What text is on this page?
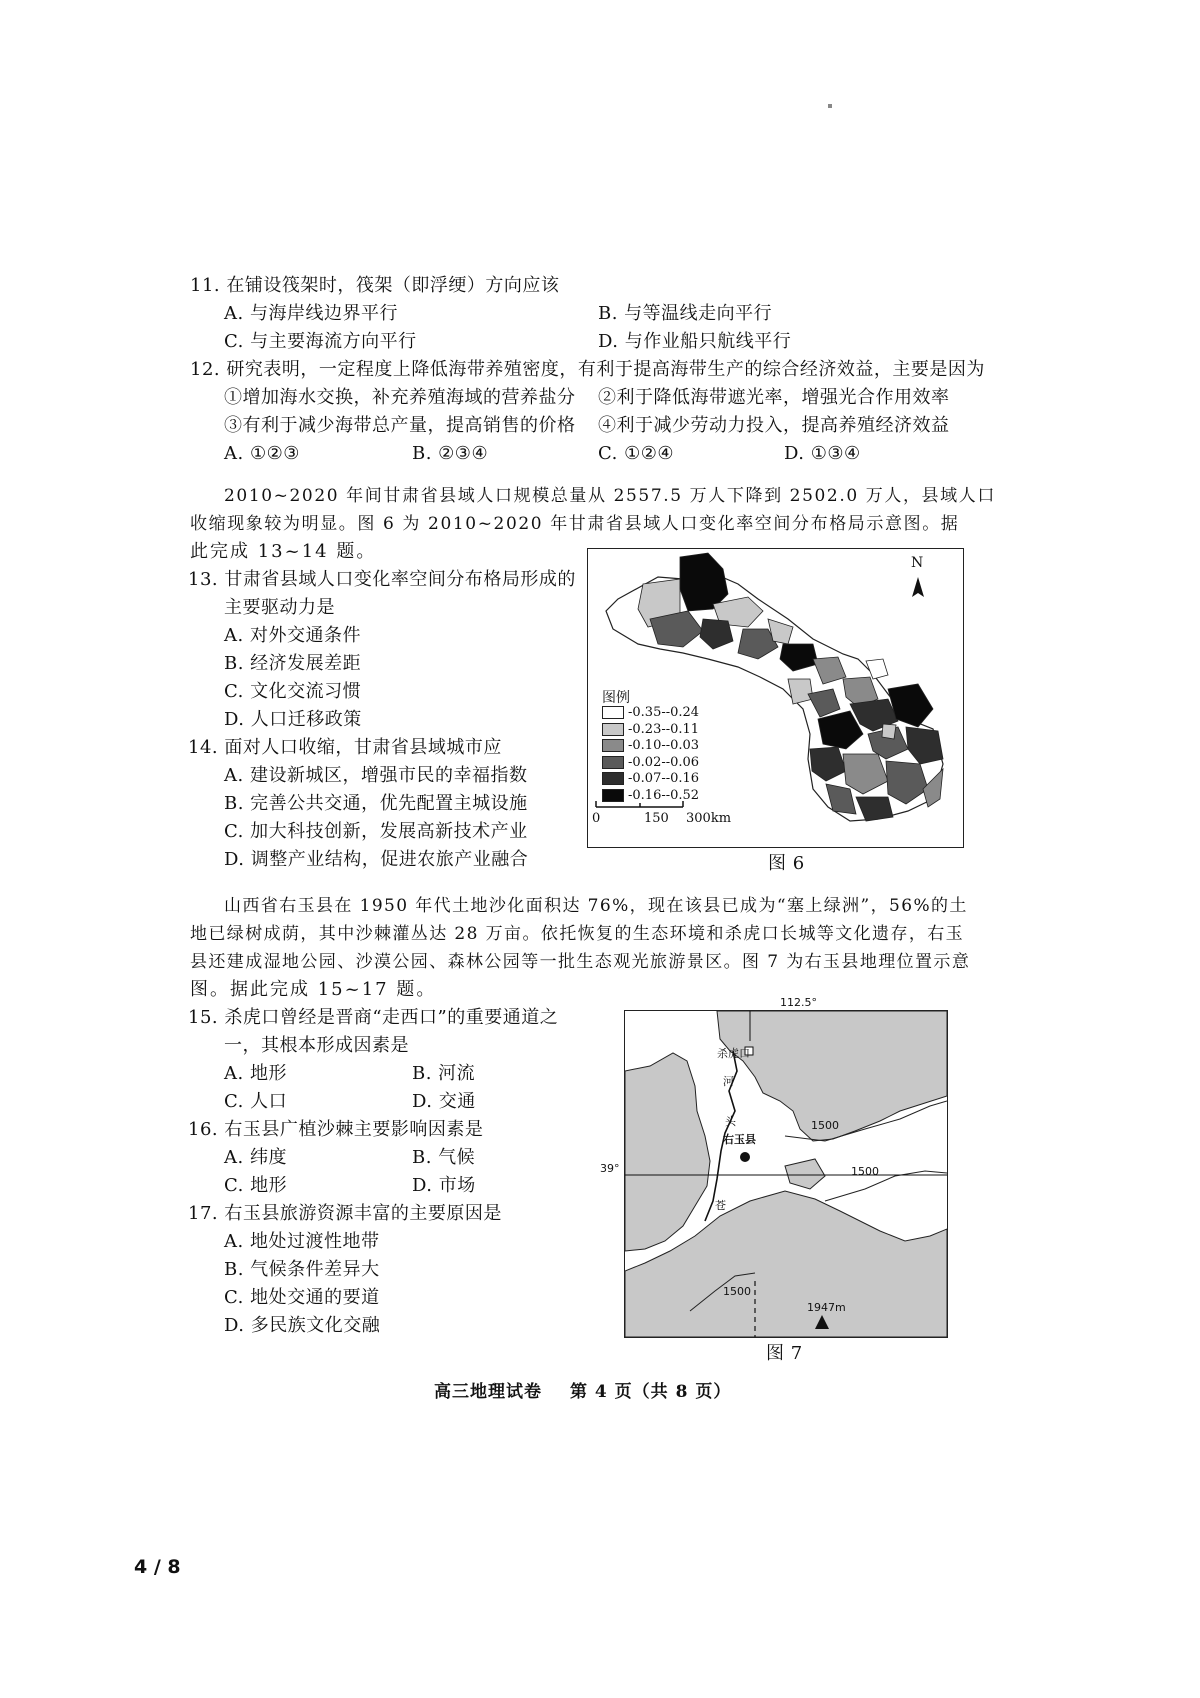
11. 在铺设筏架时，筏架（即浮绠）方向应该
A. 与海岸线边界平行	B. 与等温线走向平行
C. 与主要海流方向平行	D. 与作业船只航线平行
12. 研究表明，一定程度上降低海带养殖密度，有利于提高海带生产的综合经济效益，主要是因为
①增加海水交换，补充养殖海域的营养盐分 ②利于降低海带遮光率，增强光合作用效率
③有利于减少海带总产量，提高销售的价格 ④利于减少劳动力投入，提高养殖经济效益
A. ①②③	B. ②③④	C. ①②④	D. ①③④
2010~2020 年间甘肃省县域人口规模总量从 2557.5 万人下降到 2502.0 万人，县域人口
收缩现象较为明显。图 6 为 2010~2020 年甘肃省县域人口变化率空间分布格局示意图。据
此完成 13~14 题。
13. 甘肃省县域人口变化率空间分布格局形成的
主要驱动力是
A. 对外交通条件
B. 经济发展差距
C. 文化交流习惯
D. 人口迁移政策
14. 面对人口收缩，甘肃省县域城市应
A. 建设新城区，增强市民的幸福指数
B. 完善公共交通，优先配置主城设施
C. 加大科技创新，发展高新技术产业
D. 调整产业结构，促进农旅产业融合
N
图例
-0.35--0.24
-0.23--0.11
-0.10--0.03
-0.02--0.06
-0.07--0.16
-0.16--0.52
0	150 300km
图 6
山西省右玉县在 1950 年代土地沙化面积达 76%，现在该县已成为“塞上绿洲”，56%的土
地已绿树成荫，其中沙棘灌丛达 28 万亩。依托恢复的生态环境和杀虎口长城等文化遗存，右玉
县还建成湿地公园、沙漠公园、森林公园等一批生态观光旅游景区。图 7 为右玉县地理位置示意
图。据此完成 15~17 题。
15. 杀虎口曾经是晋商“走西口”的重要通道之
一，其根本形成因素是
A. 地形	B. 河流
C. 人口	D. 交通
16. 右玉县广植沙棘主要影响因素是
A. 纬度	B. 气候
C. 地形	D. 市场
17. 右玉县旅游资源丰富的主要原因是
A. 地处过渡性地带
B. 气候条件差异大
C. 地处交通的要道
D. 多民族文化交融
112.5°
39°
杀虎口
河
头
苍
右玉县
1500
1500
1500
1947m
图 7
高三地理试卷 第 4 页（共 8 页）
4 / 8
